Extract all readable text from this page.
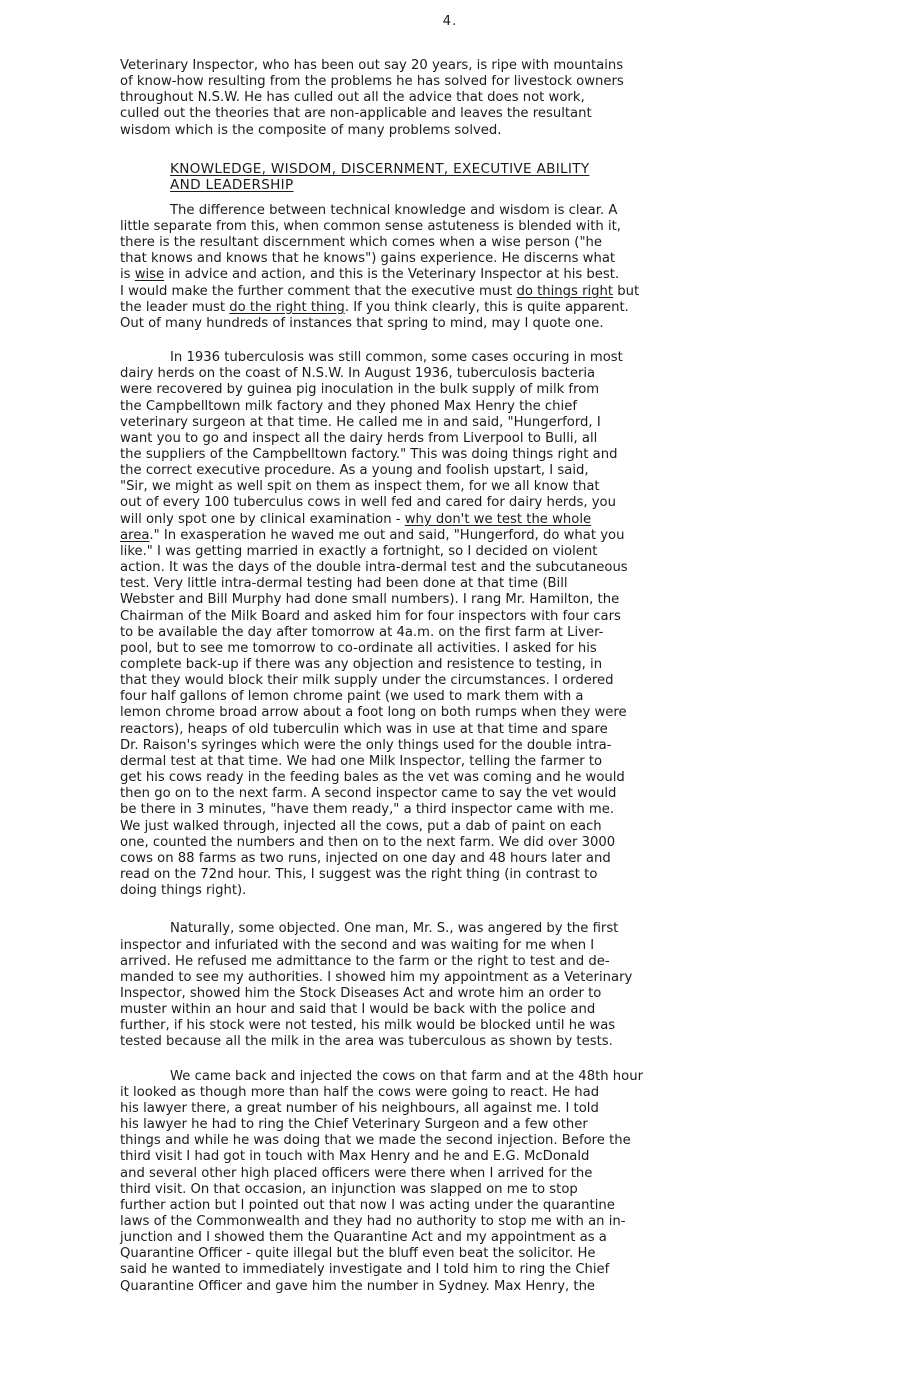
4.

Veterinary Inspector, who has been out say 20 years, is ripe with mountains
of know-how resulting from the problems he has solved for livestock owners
throughout N.S.W. He has culled out all the advice that does not work,
culled out the theories that are non-applicable and leaves the resultant
wisdom which is the composite of many problems solved.

KNOWLEDGE, WISDOM, DISCERNMENT, EXECUTIVE ABILITY
AND LEADERSHIP

The difference between technical knowledge and wisdom is clear. A
little separate from this, when common sense astuteness is blended with it,
there is the resultant discernment which comes when a wise person ("he
that knows and knows that he knows") gains experience. He discerns what
is wise in advice and action, and this is the Veterinary Inspector at his best.
I would make the further comment that the executive must do things right but
the leader must do the right thing. If you think clearly, this is quite apparent.
Out of many hundreds of instances that spring to mind, may I quote one.

In 1936 tuberculosis was still common, some cases occuring in most
dairy herds on the coast of N.S.W. In August 1936, tuberculosis bacteria
were recovered by guinea pig inoculation in the bulk supply of milk from
the Campbelltown milk factory and they phoned Max Henry the chief
veterinary surgeon at that time. He called me in and said, "Hungerford, I
want you to go and inspect all the dairy herds from Liverpool to Bulli, all
the suppliers of the Campbelltown factory." This was doing things right and
the correct executive procedure. As a young and foolish upstart, I said,
"Sir, we might as well spit on them as inspect them, for we all know that
out of every 100 tuberculus cows in well fed and cared for dairy herds, you
will only spot one by clinical examination - why don't we test the whole
area." In exasperation he waved me out and said, "Hungerford, do what you
like." I was getting married in exactly a fortnight, so I decided on violent
action. It was the days of the double intra-dermal test and the subcutaneous
test. Very little intra-dermal testing had been done at that time (Bill
Webster and Bill Murphy had done small numbers). I rang Mr. Hamilton, the
Chairman of the Milk Board and asked him for four inspectors with four cars
to be available the day after tomorrow at 4a.m. on the first farm at Liver-
pool, but to see me tomorrow to co-ordinate all activities. I asked for his
complete back-up if there was any objection and resistence to testing, in
that they would block their milk supply under the circumstances. I ordered
four half gallons of lemon chrome paint (we used to mark them with a
lemon chrome broad arrow about a foot long on both rumps when they were
reactors), heaps of old tuberculin which was in use at that time and spare
Dr. Raison's syringes which were the only things used for the double intra-
dermal test at that time. We had one Milk Inspector, telling the farmer to
get his cows ready in the feeding bales as the vet was coming and he would
then go on to the next farm. A second inspector came to say the vet would
be there in 3 minutes, "have them ready," a third inspector came with me.
We just walked through, injected all the cows, put a dab of paint on each
one, counted the numbers and then on to the next farm. We did over 3000
cows on 88 farms as two runs, injected on one day and 48 hours later and
read on the 72nd hour. This, I suggest was the right thing (in contrast to
doing things right).

Naturally, some objected. One man, Mr. S., was angered by the first
inspector and infuriated with the second and was waiting for me when I
arrived. He refused me admittance to the farm or the right to test and de-
manded to see my authorities. I showed him my appointment as a Veterinary
Inspector, showed him the Stock Diseases Act and wrote him an order to
muster within an hour and said that I would be back with the police and
further, if his stock were not tested, his milk would be blocked until he was
tested because all the milk in the area was tuberculous as shown by tests.

We came back and injected the cows on that farm and at the 48th hour
it looked as though more than half the cows were going to react. He had
his lawyer there, a great number of his neighbours, all against me. I told
his lawyer he had to ring the Chief Veterinary Surgeon and a few other
things and while he was doing that we made the second injection. Before the
third visit I had got in touch with Max Henry and he and E.G. McDonald
and several other high placed officers were there when I arrived for the
third visit. On that occasion, an injunction was slapped on me to stop
further action but I pointed out that now I was acting under the quarantine
laws of the Commonwealth and they had no authority to stop me with an in-
junction and I showed them the Quarantine Act and my appointment as a
Quarantine Officer - quite illegal but the bluff even beat the solicitor. He
said he wanted to immediately investigate and I told him to ring the Chief
Quarantine Officer and gave him the number in Sydney. Max Henry, the
